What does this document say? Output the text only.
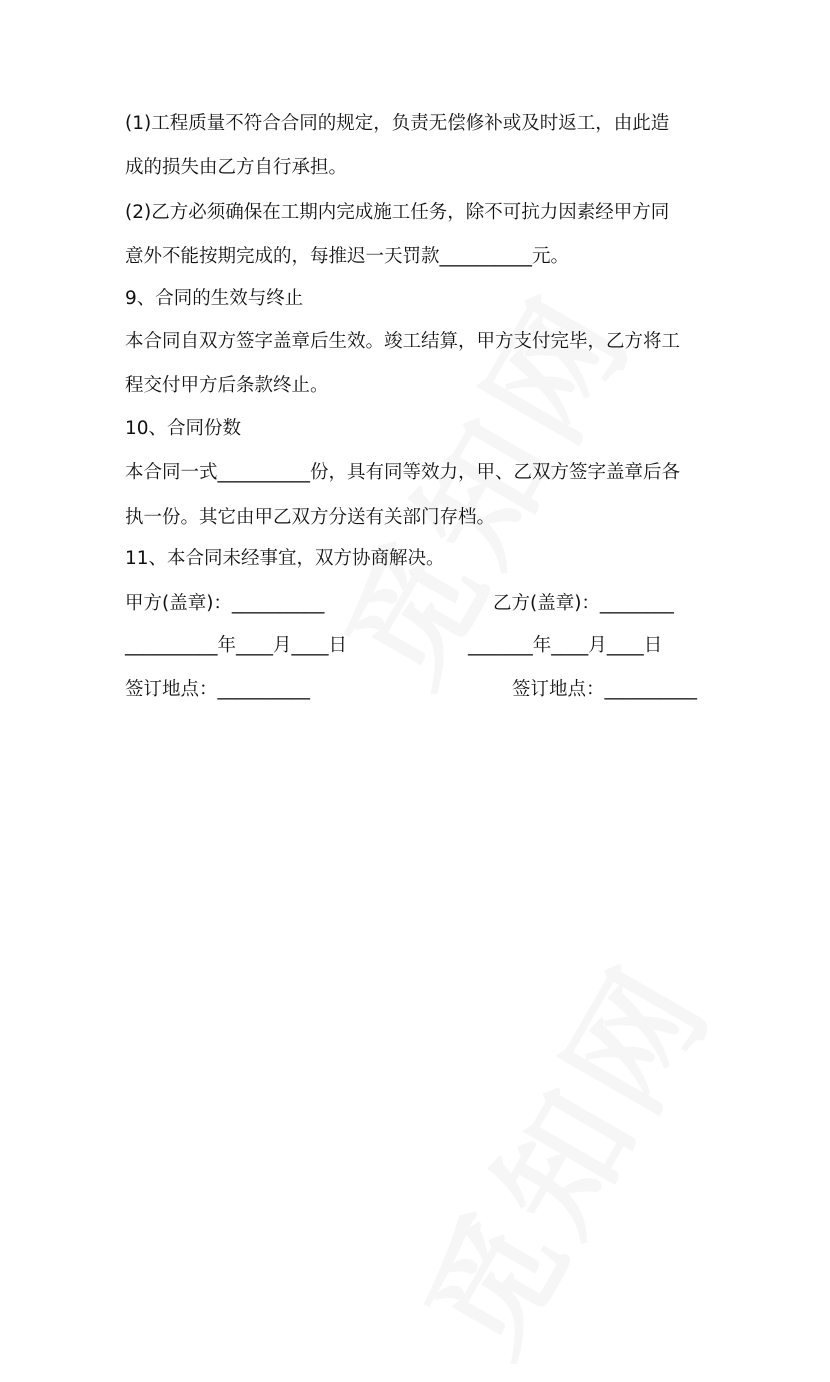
(1)工程质量不符合合同的规定，负责无偿修补或及时返工，由此造
成的损失由乙方自行承担。
(2)乙方必须确保在工期内完成施工任务，除不可抗力因素经甲方同
意外不能按期完成的，每推迟一天罚款__________元。
9、合同的生效与终止
本合同自双方签字盖章后生效。竣工结算，甲方支付完毕，乙方将工
程交付甲方后条款终止。
10、合同份数
本合同一式__________份，具有同等效力，甲、乙双方签字盖章后各
执一份。其它由甲乙双方分送有关部门存档。
11、本合同未经事宜，双方协商解决。
甲方(盖章)：__________	乙方(盖章)：________
__________年____月____日	_______年____月____日
签订地点：__________	签订地点：__________
